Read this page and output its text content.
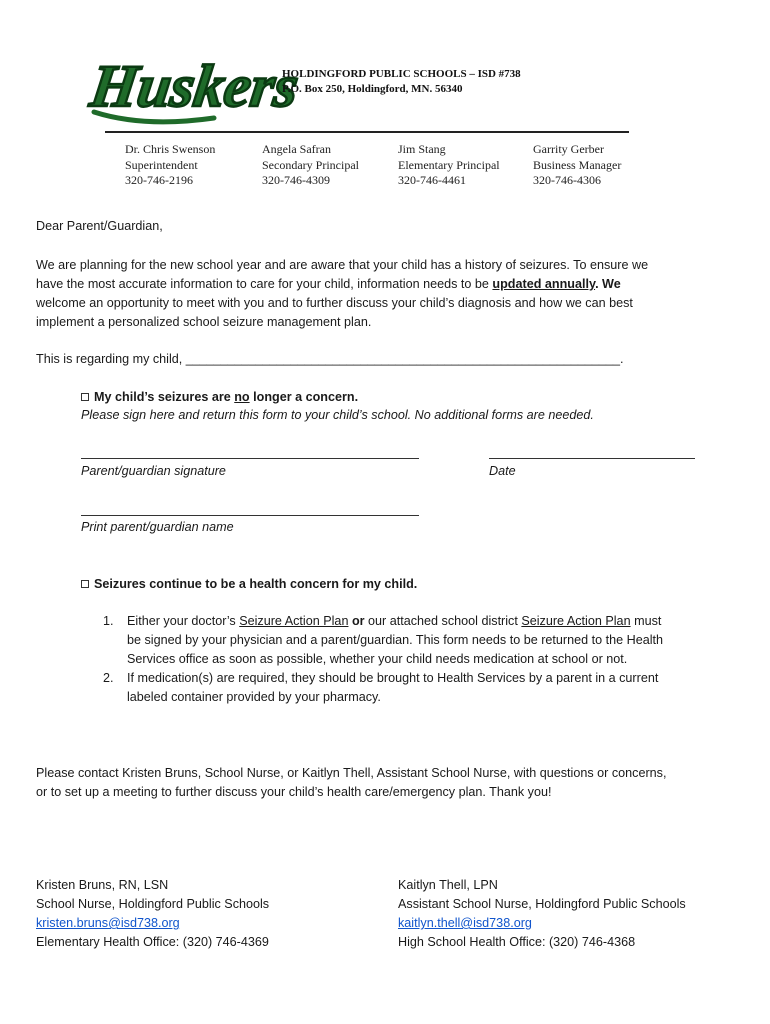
Huskers
HOLDINGFORD PUBLIC SCHOOLS – ISD #738
P.O. Box 250, Holdingford, MN. 56340
Dr. Chris Swenson
Superintendent
320-746-2196
Angela Safran
Secondary Principal
320-746-4309
Jim Stang
Elementary Principal
320-746-4461
Garrity Gerber
Business Manager
320-746-4306
Dear Parent/Guardian,
We are planning for the new school year and are aware that your child has a history of seizures. To ensure we
have the most accurate information to care for your child, information needs to be updated annually. We
welcome an opportunity to meet with you and to further discuss your child’s diagnosis and how we can best
implement a personalized school seizure management plan.
This is regarding my child, ______________________________________________________________.
My child’s seizures are no longer a concern.
Please sign here and return this form to your child’s school. No additional forms are needed.
Parent/guardian signature	Date
Print parent/guardian name
Seizures continue to be a health concern for my child.
1.	Either your doctor’s Seizure Action Plan or our attached school district Seizure Action Plan must
be signed by your physician and a parent/guardian. This form needs to be returned to the Health
Services office as soon as possible, whether your child needs medication at school or not.
2.	If medication(s) are required, they should be brought to Health Services by a parent in a current
labeled container provided by your pharmacy.
Please contact Kristen Bruns, School Nurse, or Kaitlyn Thell, Assistant School Nurse, with questions or concerns,
or to set up a meeting to further discuss your child’s health care/emergency plan. Thank you!
Kristen Bruns, RN, LSN
School Nurse, Holdingford Public Schools
kristen.bruns@isd738.org
Elementary Health Office: (320) 746-4369
Kaitlyn Thell, LPN
Assistant School Nurse, Holdingford Public Schools
kaitlyn.thell@isd738.org
High School Health Office: (320) 746-4368
